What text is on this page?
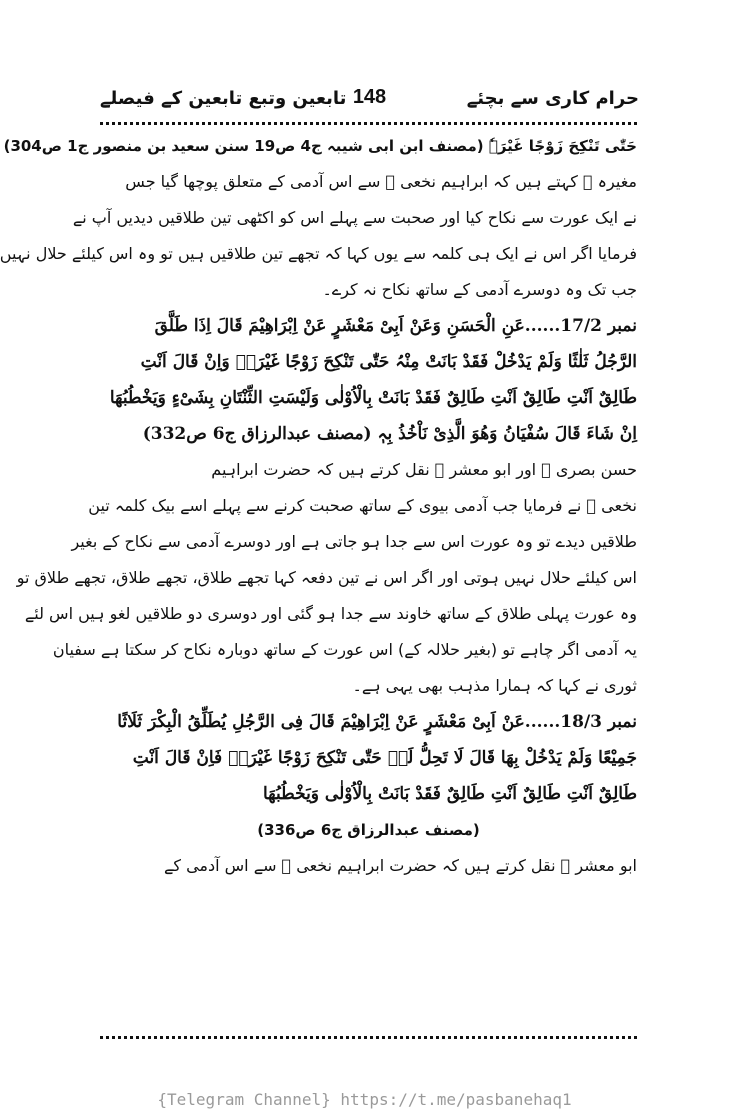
حرام کاری سے بچئے
148
تابعین وتبع تابعین کے فیصلے
حَتّٰی تَنْکِحَ زَوْجًا غَیْرَہٗ (مصنف ابن ابی شیبہ ج4 ص19 سنن سعید بن منصور ج1 ص304)
مغیرہ ﷫ کہتے ہیں کہ ابراہیم نخعی ﷫ سے اس آدمی کے متعلق پوچھا گیا جس
نے ایک عورت سے نکاح کیا اور صحبت سے پہلے اس کو اکٹھی تین طلاقیں دیدیں آپ نے
فرمایا اگر اس نے ایک ہی کلمہ سے یوں کہا کہ تجھے تین طلاقیں ہیں تو وہ اس کیلئے حلال نہیں
جب تک وہ دوسرے آدمی کے ساتھ نکاح نہ کرے۔
نمبر 17/2......عَنِ الْحَسَنِ وَعَنْ اَبِیْ مَعْشَرٍ عَنْ اِبْرَاھِیْمَ قَالَ اِذَا طَلَّقَ
الرَّجُلُ ثَلٰثًا وَلَمْ یَدْخُلْ فَقَدْ بَانَتْ مِنْہُ حَتّٰی تَنْکِحَ زَوْجًا غَیْرَہٗ وَاِنْ قَالَ اَنْتِ
طَالِقٌ اَنْتِ طَالِقٌ اَنْتِ طَالِقٌ فَقَدْ بَانَتْ بِالْاُوْلٰی وَلَیْسَتِ الثِّنْتَانِ بِشَیْءٍ وَیَخْطُبُھَا
اِنْ شَاءَ قَالَ سُفْیَانُ وَھُوَ الَّذِیْ نَاْخُذُ بِہٖ (مصنف عبدالرزاق ج6 ص332)
حسن بصری ﷫ اور ابو معشر ﷫ نقل کرتے ہیں کہ حضرت ابراہیم
نخعی ﷫ نے فرمایا جب آدمی بیوی کے ساتھ صحبت کرنے سے پہلے اسے بیک کلمہ تین
طلاقیں دیدے تو وہ عورت اس سے جدا ہو جاتی ہے اور دوسرے آدمی سے نکاح کے بغیر
اس کیلئے حلال نہیں ہوتی اور اگر اس نے تین دفعہ کہا تجھے طلاق، تجھے طلاق، تجھے طلاق تو
وہ عورت پہلی طلاق کے ساتھ خاوند سے جدا ہو گئی اور دوسری دو طلاقیں لغو ہیں اس لئے
یہ آدمی اگر چاہے تو (بغیر حلالہ کے) اس عورت کے ساتھ دوبارہ نکاح کر سکتا ہے سفیان
ثوری نے کہا کہ ہمارا مذہب بھی یہی ہے۔
نمبر 18/3......عَنْ اَبِیْ مَعْشَرٍ عَنْ اِبْرَاھِیْمَ قَالَ فِی الرَّجُلِ یُطَلِّقُ الْبِکْرَ ثَلَاثًا
جَمِیْعًا وَلَمْ یَدْخُلْ بِھَا قَالَ لَا تَحِلُّ لَہٗ حَتّٰی تَنْکِحَ زَوْجًا غَیْرَہٗ فَاِنْ قَالَ اَنْتِ
طَالِقٌ اَنْتِ طَالِقٌ اَنْتِ طَالِقٌ فَقَدْ بَانَتْ بِالْاُوْلٰی وَیَخْطُبُھَا
(مصنف عبدالرزاق ج6 ص336)
ابو معشر ﷫ نقل کرتے ہیں کہ حضرت ابراہیم نخعی ﷫ سے اس آدمی کے
{Telegram Channel} https://t.me/pasbanehaq1
